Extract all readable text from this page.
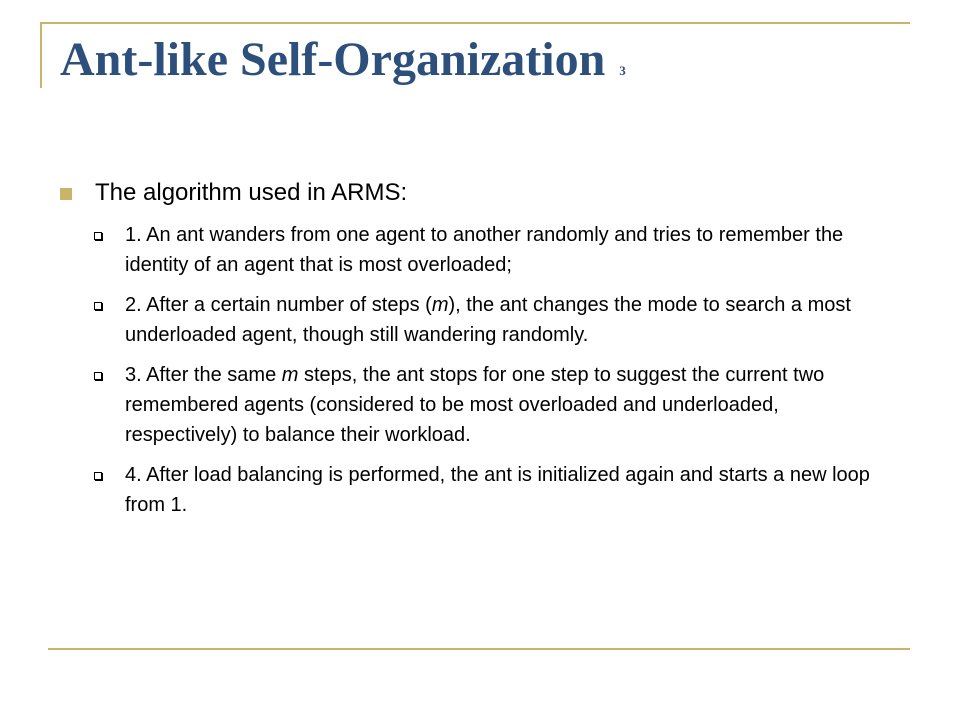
Ant-like Self-Organization 3
The algorithm used in ARMS:
1. An ant wanders from one agent to another randomly and tries to remember the identity of an agent that is most overloaded;
2. After a certain number of steps (m), the ant changes the mode to search a most underloaded agent, though still wandering randomly.
3. After the same m steps, the ant stops for one step to suggest the current two remembered agents (considered to be most overloaded and underloaded, respectively) to balance their workload.
4. After load balancing is performed, the ant is initialized again and starts a new loop from 1.
